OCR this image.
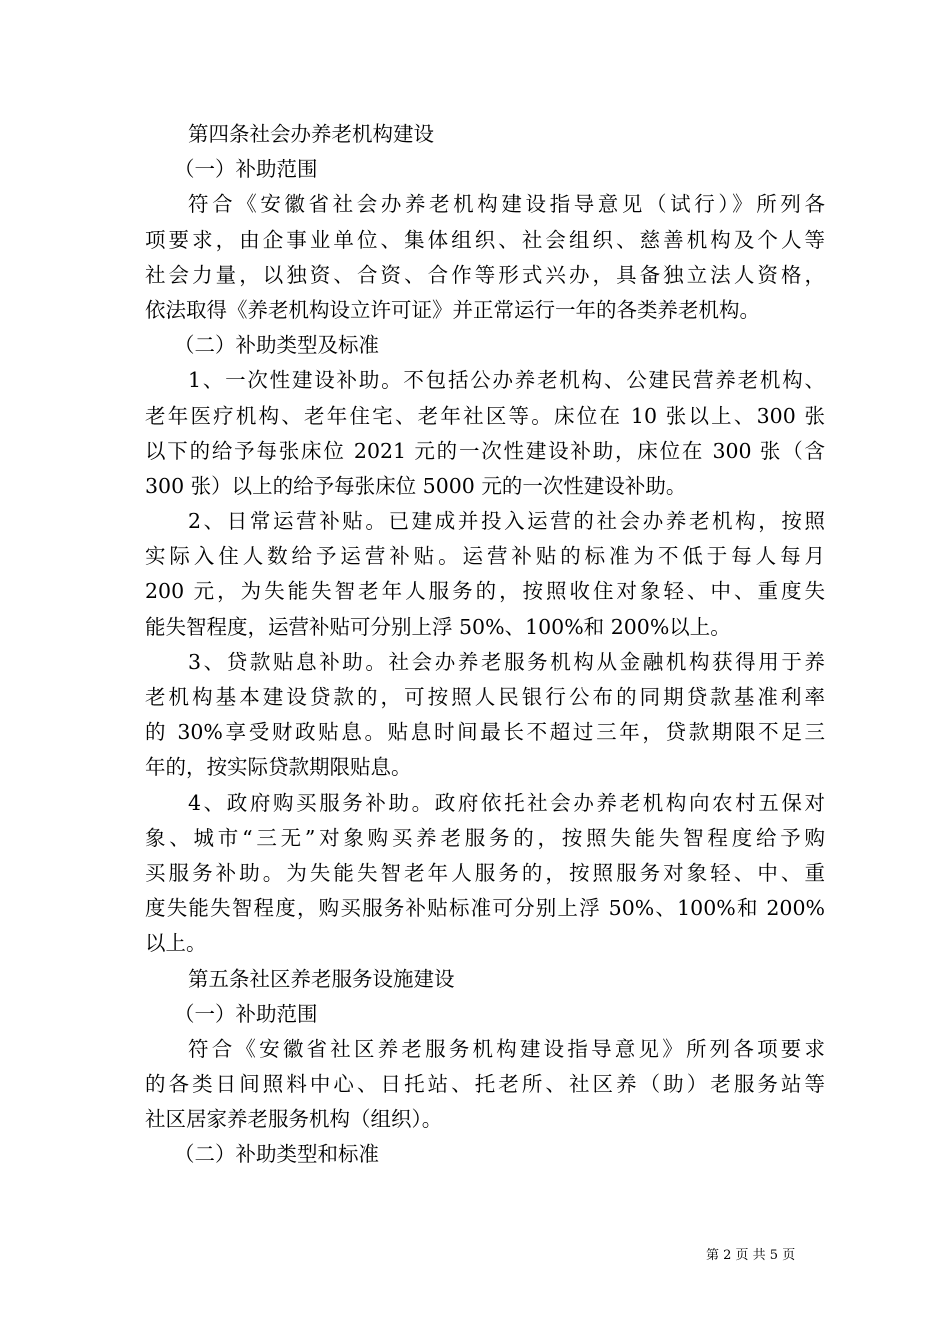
第四条社会办养老机构建设
（一）补助范围
符合《安徽省社会办养老机构建设指导意见（试行）》所列各
项要求，由企事业单位、集体组织、社会组织、慈善机构及个人等
社会力量，以独资、合资、合作等形式兴办，具备独立法人资格，
依法取得《养老机构设立许可证》并正常运行一年的各类养老机构。
（二）补助类型及标准
1、一次性建设补助。不包括公办养老机构、公建民营养老机构、
老年医疗机构、老年住宅、老年社区等。床位在 10 张以上、300 张
以下的给予每张床位 2021 元的一次性建设补助，床位在 300 张（含
300 张）以上的给予每张床位 5000 元的一次性建设补助。
2、日常运营补贴。已建成并投入运营的社会办养老机构，按照
实际入住人数给予运营补贴。运营补贴的标准为不低于每人每月
200 元，为失能失智老年人服务的，按照收住对象轻、中、重度失
能失智程度，运营补贴可分别上浮 50%、100%和 200%以上。
3、贷款贴息补助。社会办养老服务机构从金融机构获得用于养
老机构基本建设贷款的，可按照人民银行公布的同期贷款基准利率
的 30%享受财政贴息。贴息时间最长不超过三年，贷款期限不足三
年的，按实际贷款期限贴息。
4、政府购买服务补助。政府依托社会办养老机构向农村五保对
象、城市“三无”对象购买养老服务的，按照失能失智程度给予购
买服务补助。为失能失智老年人服务的，按照服务对象轻、中、重
度失能失智程度，购买服务补贴标准可分别上浮 50%、100%和 200%
以上。
第五条社区养老服务设施建设
（一）补助范围
符合《安徽省社区养老服务机构建设指导意见》所列各项要求
的各类日间照料中心、日托站、托老所、社区养（助）老服务站等
社区居家养老服务机构（组织）。
（二）补助类型和标准
第 2 页 共 5 页
